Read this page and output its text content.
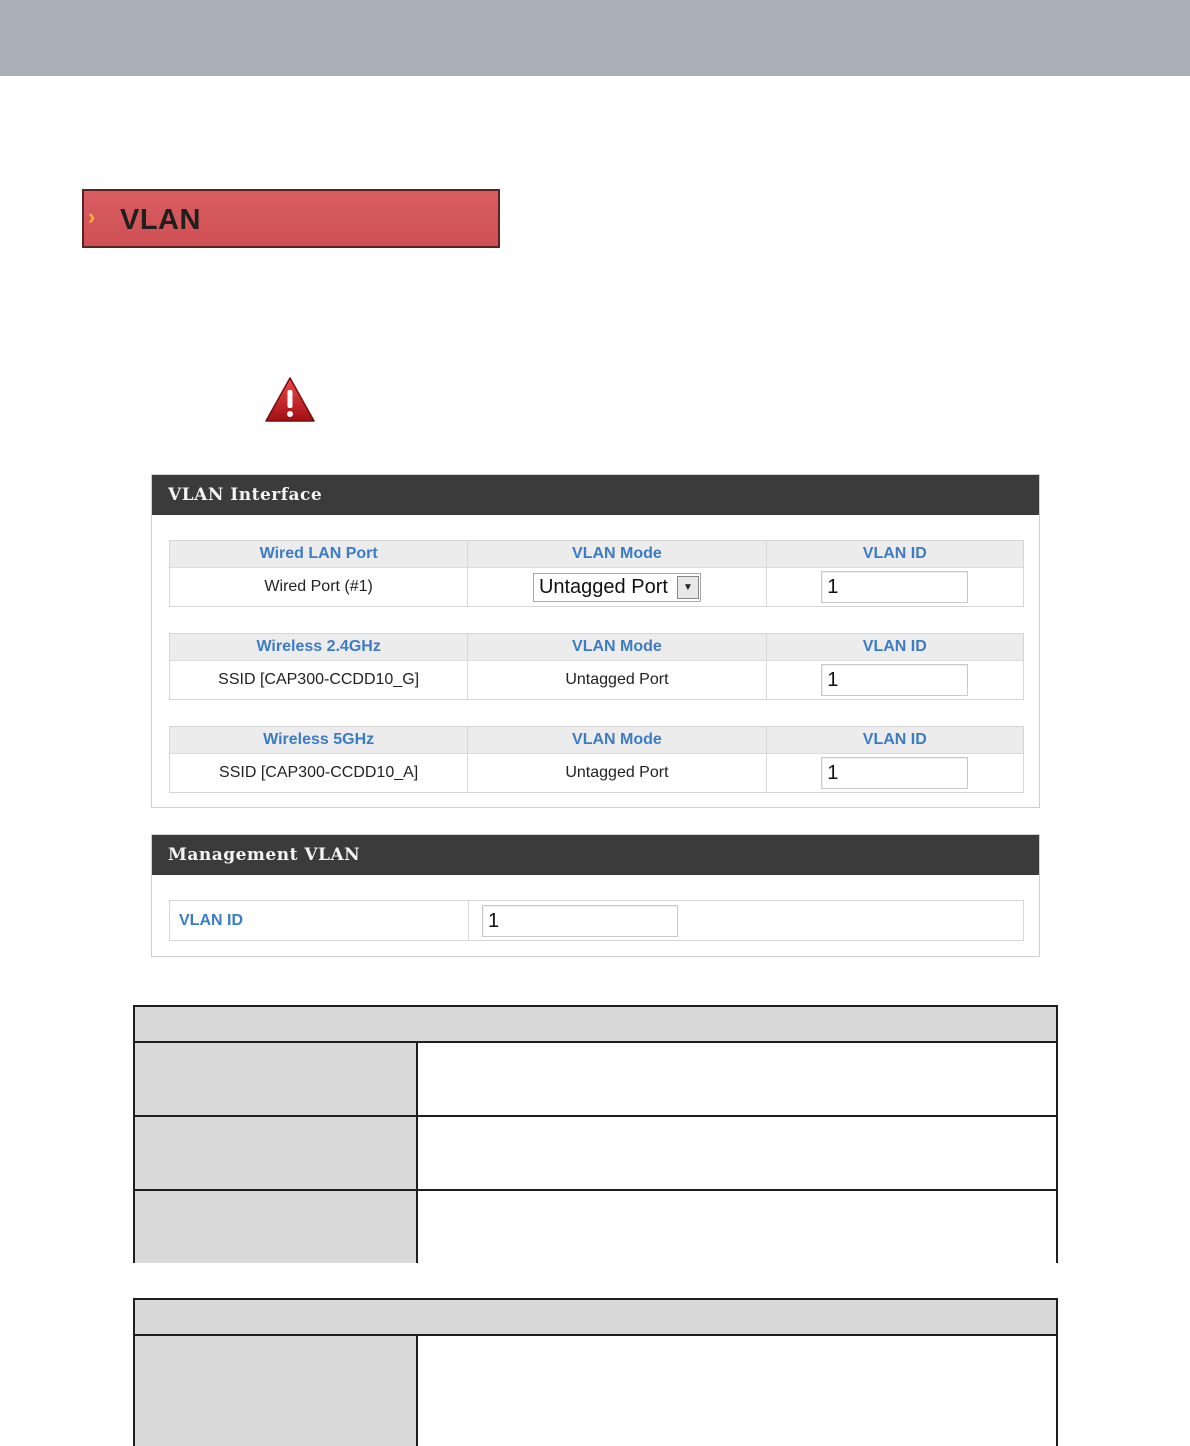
› VLAN
VLAN Interface
Wired LAN Port	VLAN Mode	VLAN ID
Wired Port (#1)	Untagged Port	▼	1
Wireless 2.4GHz	VLAN Mode	VLAN ID
SSID [CAP300-CCDD10_G]	Untagged Port	1
Wireless 5GHz	VLAN Mode	VLAN ID
SSID [CAP300-CCDD10_A]	Untagged Port	1
Management VLAN
VLAN ID	1
